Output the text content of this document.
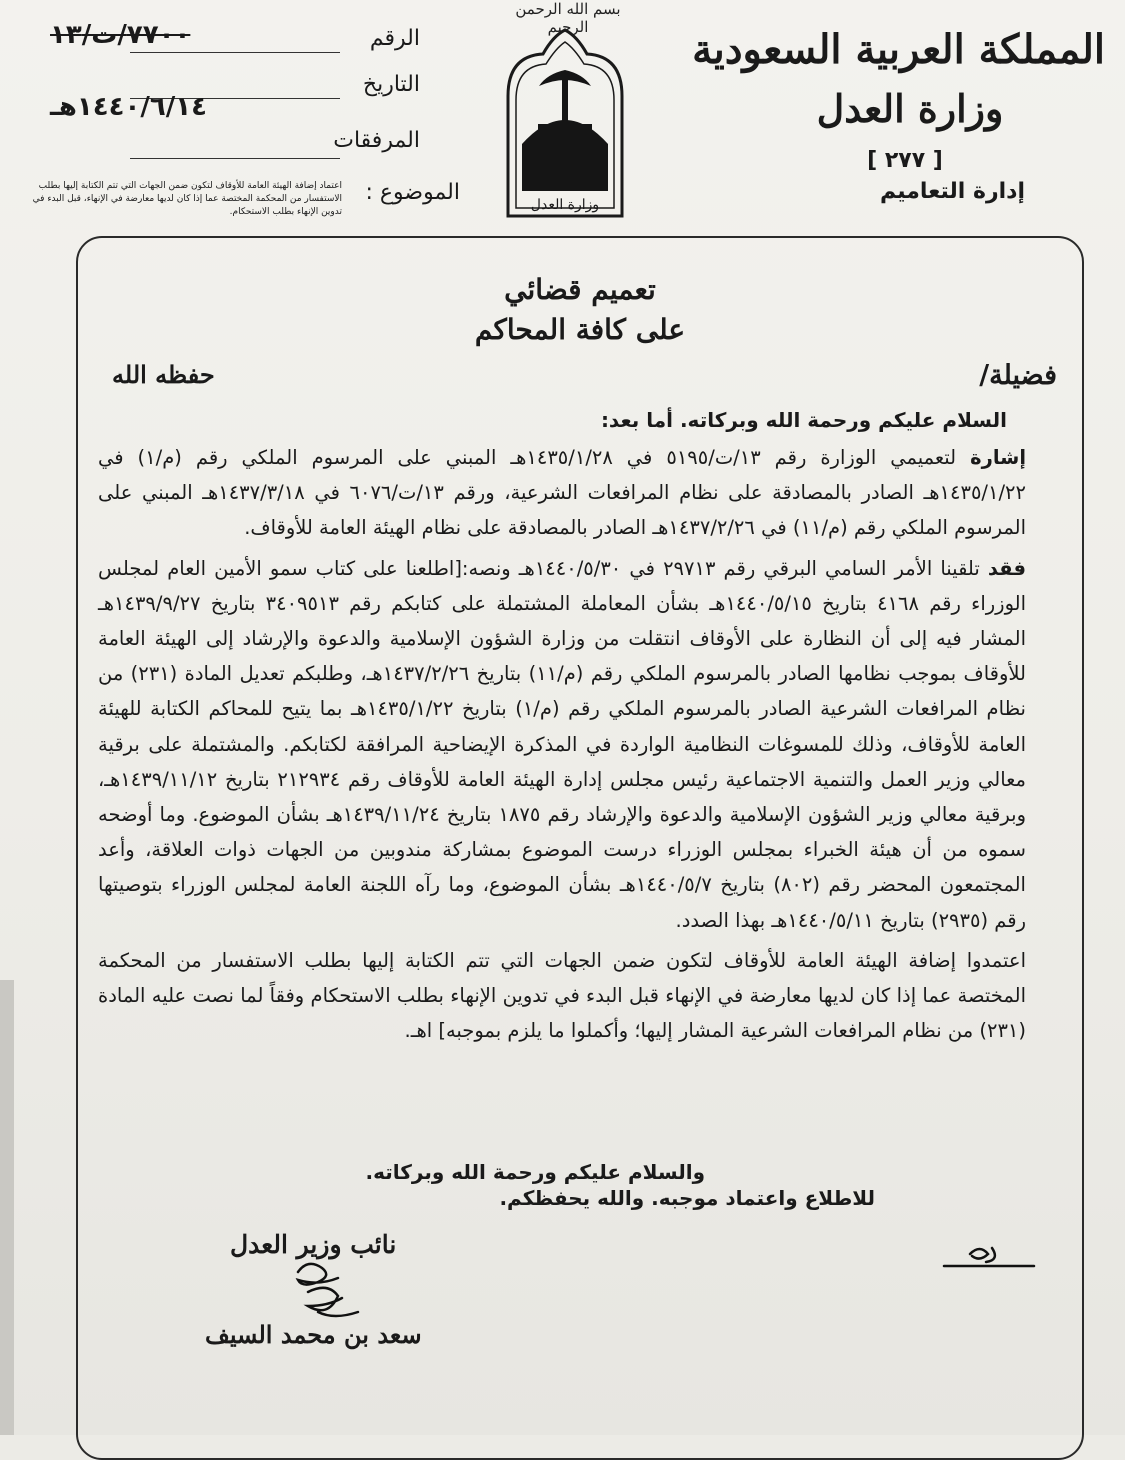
بسم الله الرحمن الرحيم	المملكة العربية السعودية
وزارة العدل
[ ٢٧٧ ]
إدارة التعاميم
وزارة العدل
الرقم
٧٧٠٠/ت/١٣
التاريخ
١٤٤٠/٦/١٤هـ
المرفقات
الموضوع :
اعتماد إضافة الهيئة العامة للأوقاف لتكون ضمن الجهات التي تتم الكتابة إليها بطلب الاستفسار من المحكمة المختصة عما إذا كان لديها معارضة في الإنهاء، قبل البدء في تدوين الإنهاء بطلب الاستحكام.
تعميم قضائي
على كافة المحاكم
فضيلة/
حفظه الله
السلام عليكم ورحمة الله وبركاته. أما بعد:

إشارة لتعميمي الوزارة رقم ١٣/ت/٥١٩٥ في ١٤٣٥/١/٢٨هـ المبني على المرسوم الملكي رقم (م/١) في ١٤٣٥/١/٢٢هـ الصادر بالمصادقة على نظام المرافعات الشرعية، ورقم ١٣/ت/٦٠٧٦ في ١٤٣٧/٣/١٨هـ المبني على المرسوم الملكي رقم (م/١١) في ١٤٣٧/٢/٢٦هـ الصادر بالمصادقة على نظام الهيئة العامة للأوقاف.

فقد تلقينا الأمر السامي البرقي رقم ٢٩٧١٣ في ١٤٤٠/٥/٣٠هـ ونصه:[اطلعنا على كتاب سمو الأمين العام لمجلس الوزراء رقم ٤١٦٨ بتاريخ ١٤٤٠/٥/١٥هـ بشأن المعاملة المشتملة على كتابكم رقم ٣٤٠٩٥١٣ بتاريخ ١٤٣٩/٩/٢٧هـ المشار فيه إلى أن النظارة على الأوقاف انتقلت من وزارة الشؤون الإسلامية والدعوة والإرشاد إلى الهيئة العامة للأوقاف بموجب نظامها الصادر بالمرسوم الملكي رقم (م/١١) بتاريخ ١٤٣٧/٢/٢٦هـ، وطلبكم تعديل المادة (٢٣١) من نظام المرافعات الشرعية الصادر بالمرسوم الملكي رقم (م/١) بتاريخ ١٤٣٥/١/٢٢هـ بما يتيح للمحاكم الكتابة للهيئة العامة للأوقاف، وذلك للمسوغات النظامية الواردة في المذكرة الإيضاحية المرافقة لكتابكم. والمشتملة على برقية معالي وزير العمل والتنمية الاجتماعية رئيس مجلس إدارة الهيئة العامة للأوقاف رقم ٢١٢٩٣٤ بتاريخ ١٤٣٩/١١/١٢هـ، وبرقية معالي وزير الشؤون الإسلامية والدعوة والإرشاد رقم ١٨٧٥ بتاريخ ١٤٣٩/١١/٢٤هـ بشأن الموضوع. وما أوضحه سموه من أن هيئة الخبراء بمجلس الوزراء درست الموضوع بمشاركة مندوبين من الجهات ذوات العلاقة، وأعد المجتمعون المحضر رقم (٨٠٢) بتاريخ ١٤٤٠/٥/٧هـ بشأن الموضوع، وما رآه اللجنة العامة لمجلس الوزراء بتوصيتها رقم (٢٩٣٥) بتاريخ ١٤٤٠/٥/١١هـ بهذا الصدد.

اعتمدوا إضافة الهيئة العامة للأوقاف لتكون ضمن الجهات التي تتم الكتابة إليها بطلب الاستفسار من المحكمة المختصة عما إذا كان لديها معارضة في الإنهاء قبل البدء في تدوين الإنهاء بطلب الاستحكام وفقاً لما نصت عليه المادة (٢٣١) من نظام المرافعات الشرعية المشار إليها؛ وأكملوا ما يلزم بموجبه] اهـ.

والسلام عليكم ورحمة الله وبركاته.
للاطلاع واعتماد موجبه. والله يحفظكم.
نائب وزير العدل
سعد بن محمد السيف
